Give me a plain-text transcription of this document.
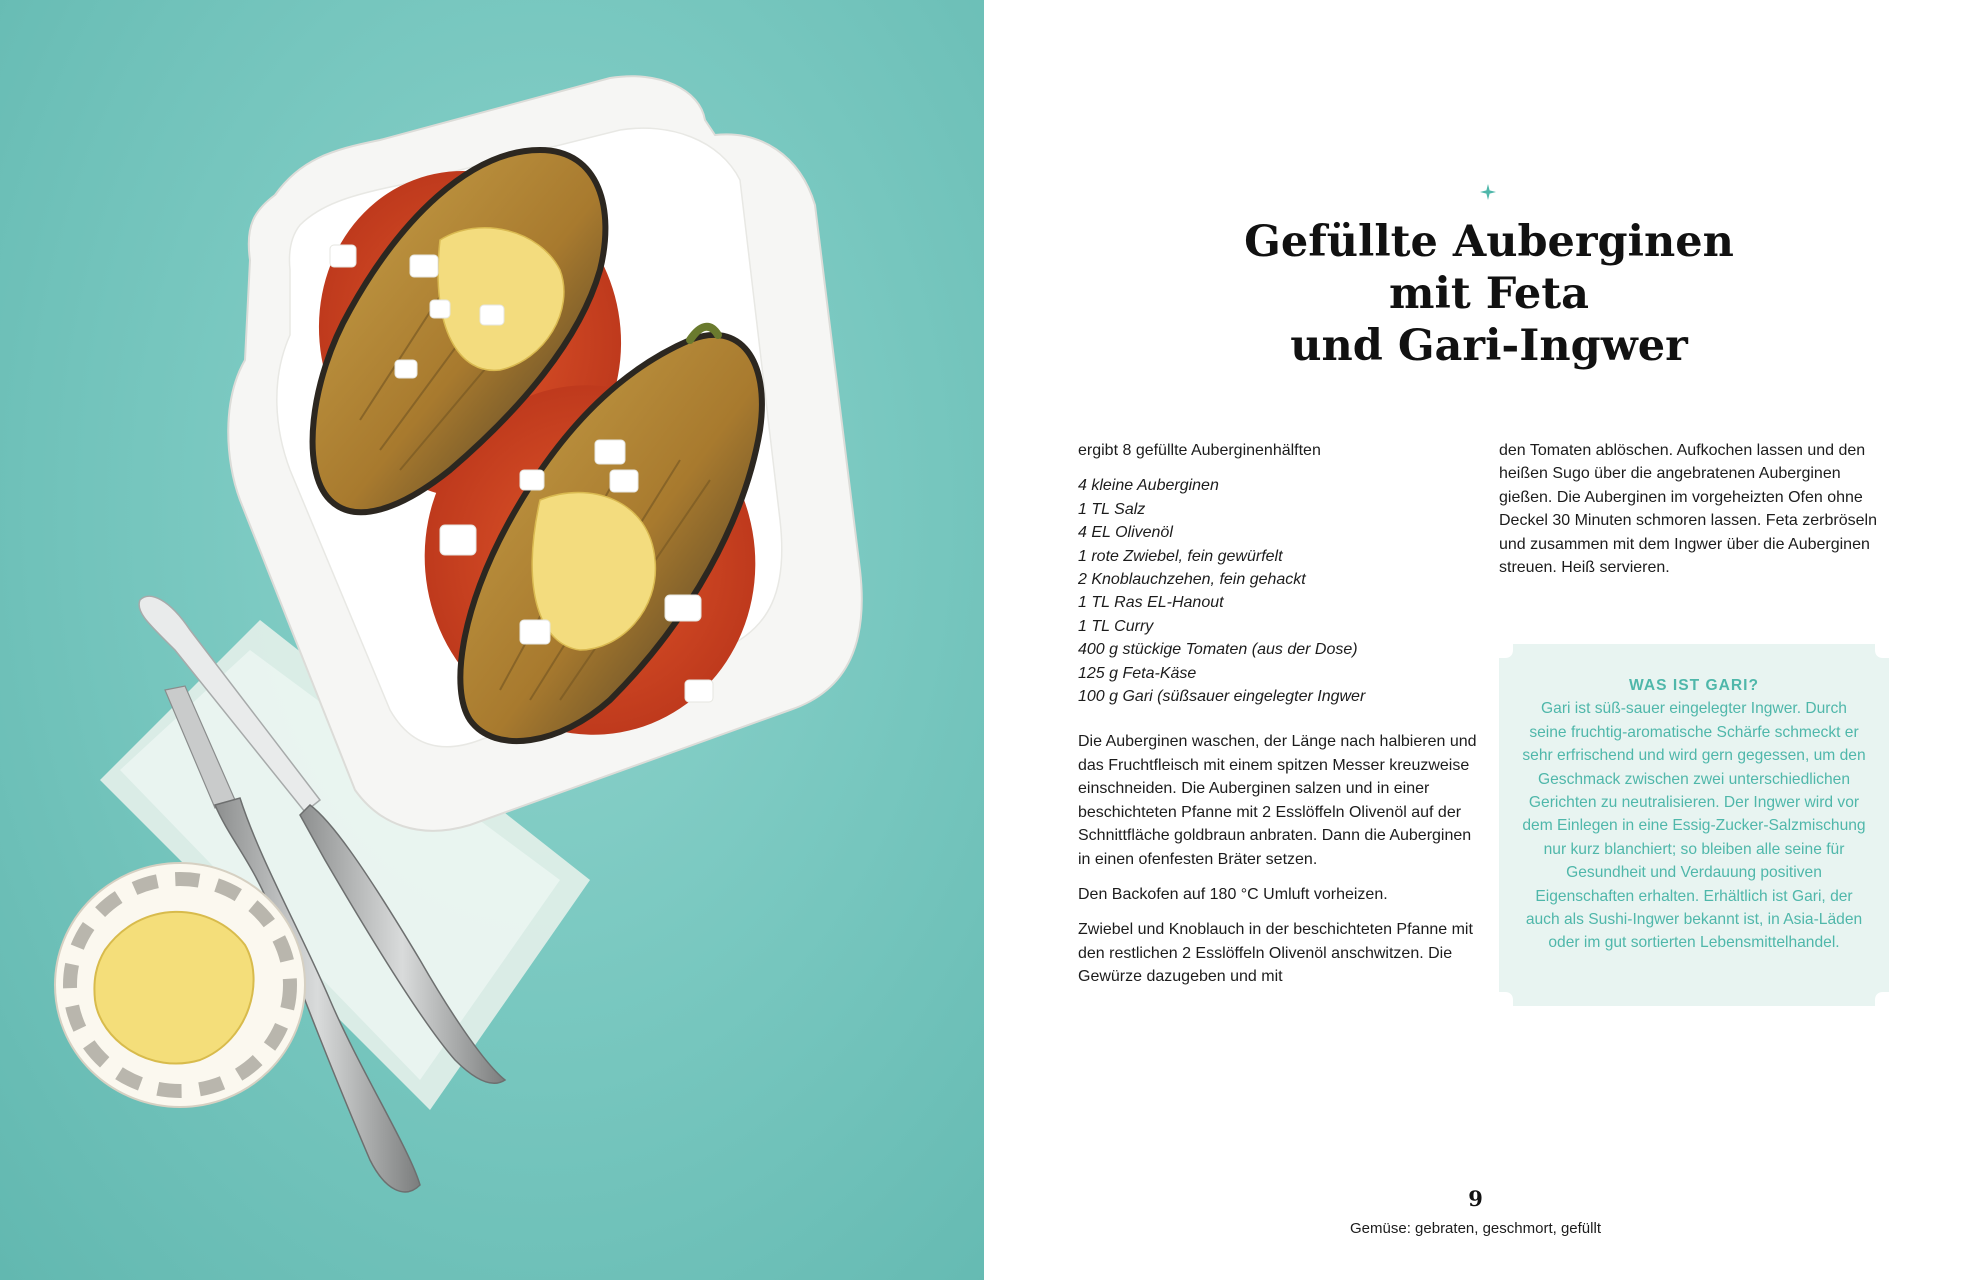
Gefüllte Auberginen
mit Feta
und Gari-Ingwer

ergibt 8 gefüllte Auberginenhälften

4 kleine Auberginen
1 TL Salz
4 EL Olivenöl
1 rote Zwiebel, fein gewürfelt
2 Knoblauchzehen, fein gehackt
1 TL Ras EL-Hanout
1 TL Curry
400 g stückige Tomaten (aus der Dose)
125 g Feta-Käse
100 g Gari (süßsauer eingelegter Ingwer

Die Auberginen waschen, der Länge nach halbieren und das Fruchtfleisch mit einem spitzen Messer kreuzweise einschneiden. Die Auberginen salzen und in einer beschichteten Pfanne mit 2 Esslöffeln Olivenöl auf der Schnittfläche goldbraun anbraten. Dann die Auberginen in einen ofenfesten Bräter setzen.

Den Backofen auf 180 °C Umluft vorheizen.

Zwiebel und Knoblauch in der beschichteten Pfanne mit den restlichen 2 Esslöffeln Olivenöl anschwitzen. Die Gewürze dazugeben und mit

den Tomaten ablöschen. Aufkochen lassen und den heißen Sugo über die angebratenen Auberginen gießen. Die Auberginen im vorgeheizten Ofen ohne Deckel 30 Minuten schmoren lassen. Feta zerbröseln und zusammen mit dem Ingwer über die Auberginen streuen. Heiß servieren.

WAS IST GARI?
Gari ist süß-sauer eingelegter Ingwer. Durch seine fruchtig-aromatische Schärfe schmeckt er sehr erfrischend und wird gern gegessen, um den Geschmack zwischen zwei unterschiedlichen Gerichten zu neutralisieren. Der Ingwer wird vor dem Einlegen in eine Essig-Zucker-Salzmischung nur kurz blanchiert; so bleiben alle seine für Gesundheit und Verdauung positiven Eigenschaften erhalten. Erhältlich ist Gari, der auch als Sushi-Ingwer bekannt ist, in Asia-Läden oder im gut sortierten Lebensmittelhandel.
9
Gemüse: gebraten, geschmort, gefüllt
